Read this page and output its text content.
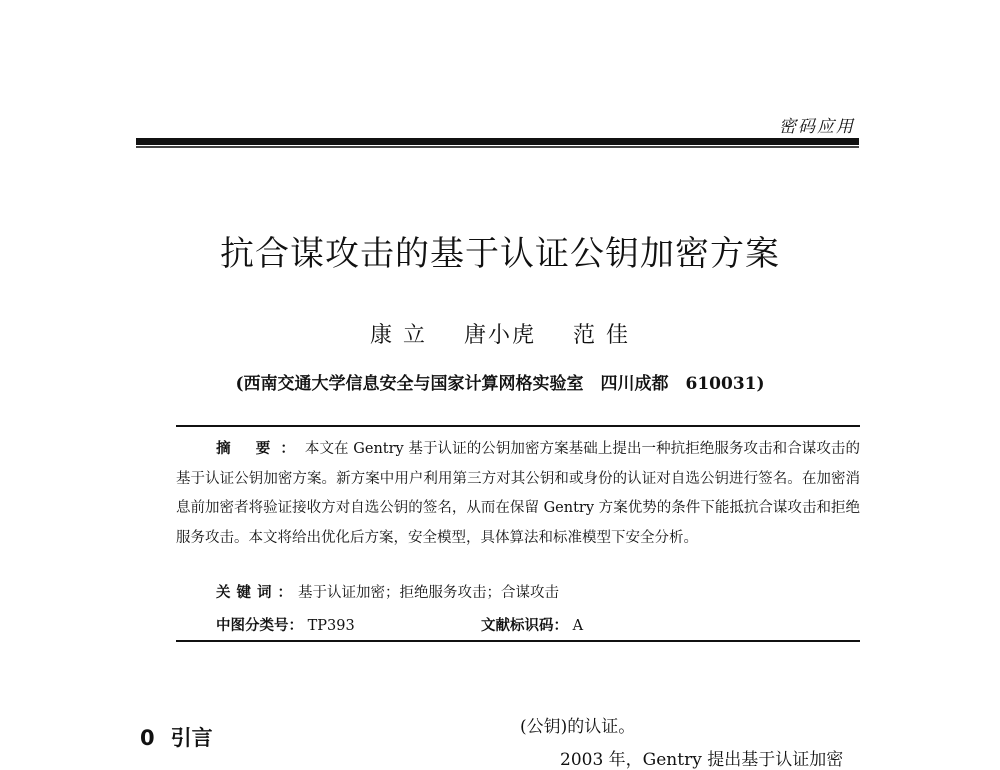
密码应用
抗合谋攻击的基于认证公钥加密方案
康 立 唐小虎 范 佳
(西南交通大学信息安全与国家计算网格实验室　四川成都　610031)
摘 要：本文在 Gentry 基于认证的公钥加密方案基础上提出一种抗拒绝服务攻击和合谋攻击的基于认证公钥加密方案。新方案中用户利用第三方对其公钥和或身份的认证对自选公钥进行签名。在加密消息前加密者将验证接收方对自选公钥的签名，从而在保留 Gentry 方案优势的条件下能抵抗合谋攻击和拒绝服务攻击。本文将给出优化后方案，安全模型，具体算法和标准模型下安全分析。
关键词：基于认证加密；拒绝服务攻击；合谋攻击
中图分类号： TP393	文献标识码： A
0 引言	(公钥)的认证。
2003 年，Gentry 提出基于认证加密
